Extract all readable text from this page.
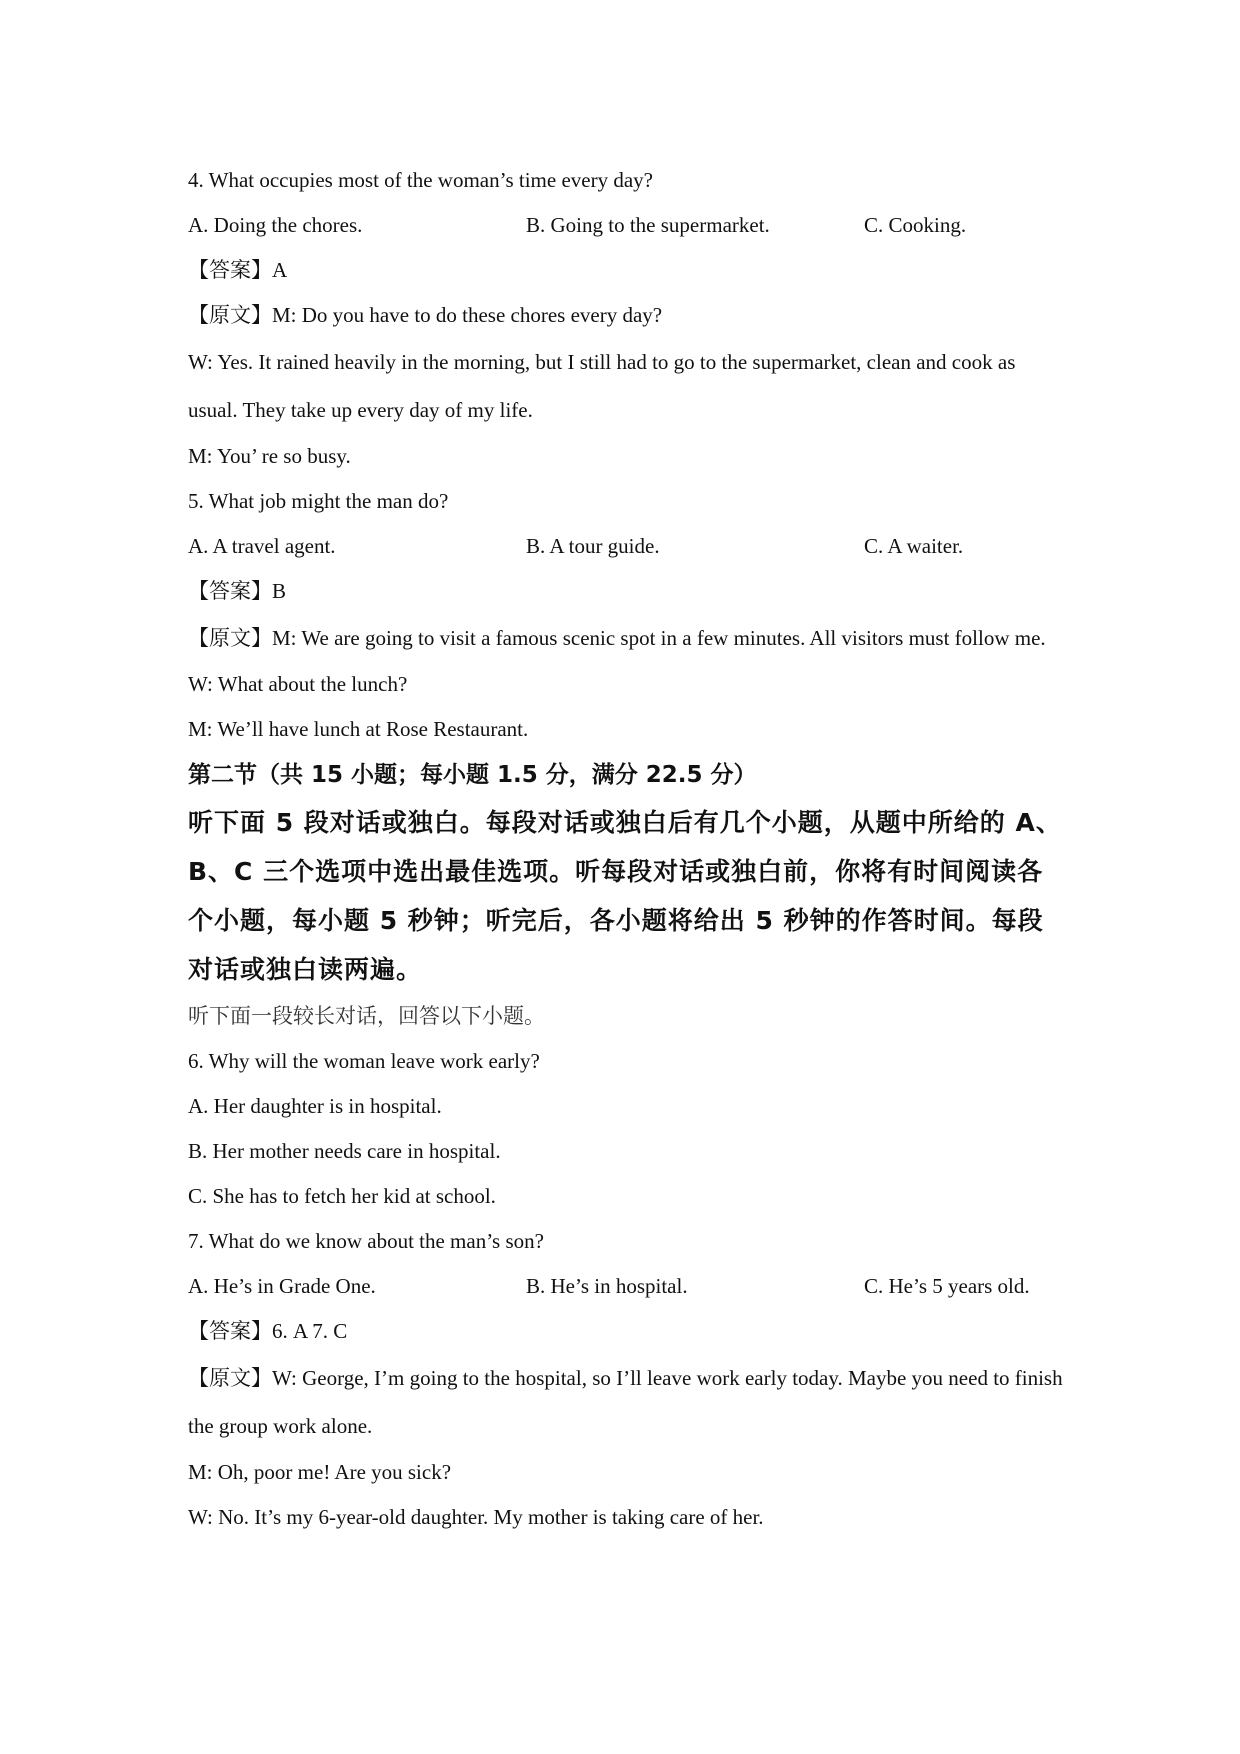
4. What occupies most of the woman’s time every day?
A. Doing the chores.	B. Going to the supermarket.	C. Cooking.
【答案】A
【原文】M: Do you have to do these chores every day?
W: Yes. It rained heavily in the morning, but I still had to go to the supermarket, clean and cook as usual. They take up every day of my life.
M: You’ re so busy.
5. What job might the man do?
A. A travel agent.	B. A tour guide.	C. A waiter.
【答案】B
【原文】M: We are going to visit a famous scenic spot in a few minutes. All visitors must follow me.
W: What about the lunch?
M: We’ll have lunch at Rose Restaurant.
第二节（共 15 小题；每小题 1.5 分，满分 22.5 分）
听下面 5 段对话或独白。每段对话或独白后有几个小题，从题中所给的 A、B、C 三个选项中选出最佳选项。听每段对话或独白前，你将有时间阅读各个小题，每小题 5 秒钟；听完后，各小题将给出 5 秒钟的作答时间。每段对话或独白读两遍。
听下面一段较长对话，回答以下小题。
6. Why will the woman leave work early?
A. Her daughter is in hospital.
B. Her mother needs care in hospital.
C. She has to fetch her kid at school.
7. What do we know about the man’s son?
A. He’s in Grade One.	B. He’s in hospital.	C. He’s 5 years old.
【答案】6. A 7. C
【原文】W: George, I’m going to the hospital, so I’ll leave work early today. Maybe you need to finish the group work alone.
M: Oh, poor me! Are you sick?
W: No. It’s my 6-year-old daughter. My mother is taking care of her.
